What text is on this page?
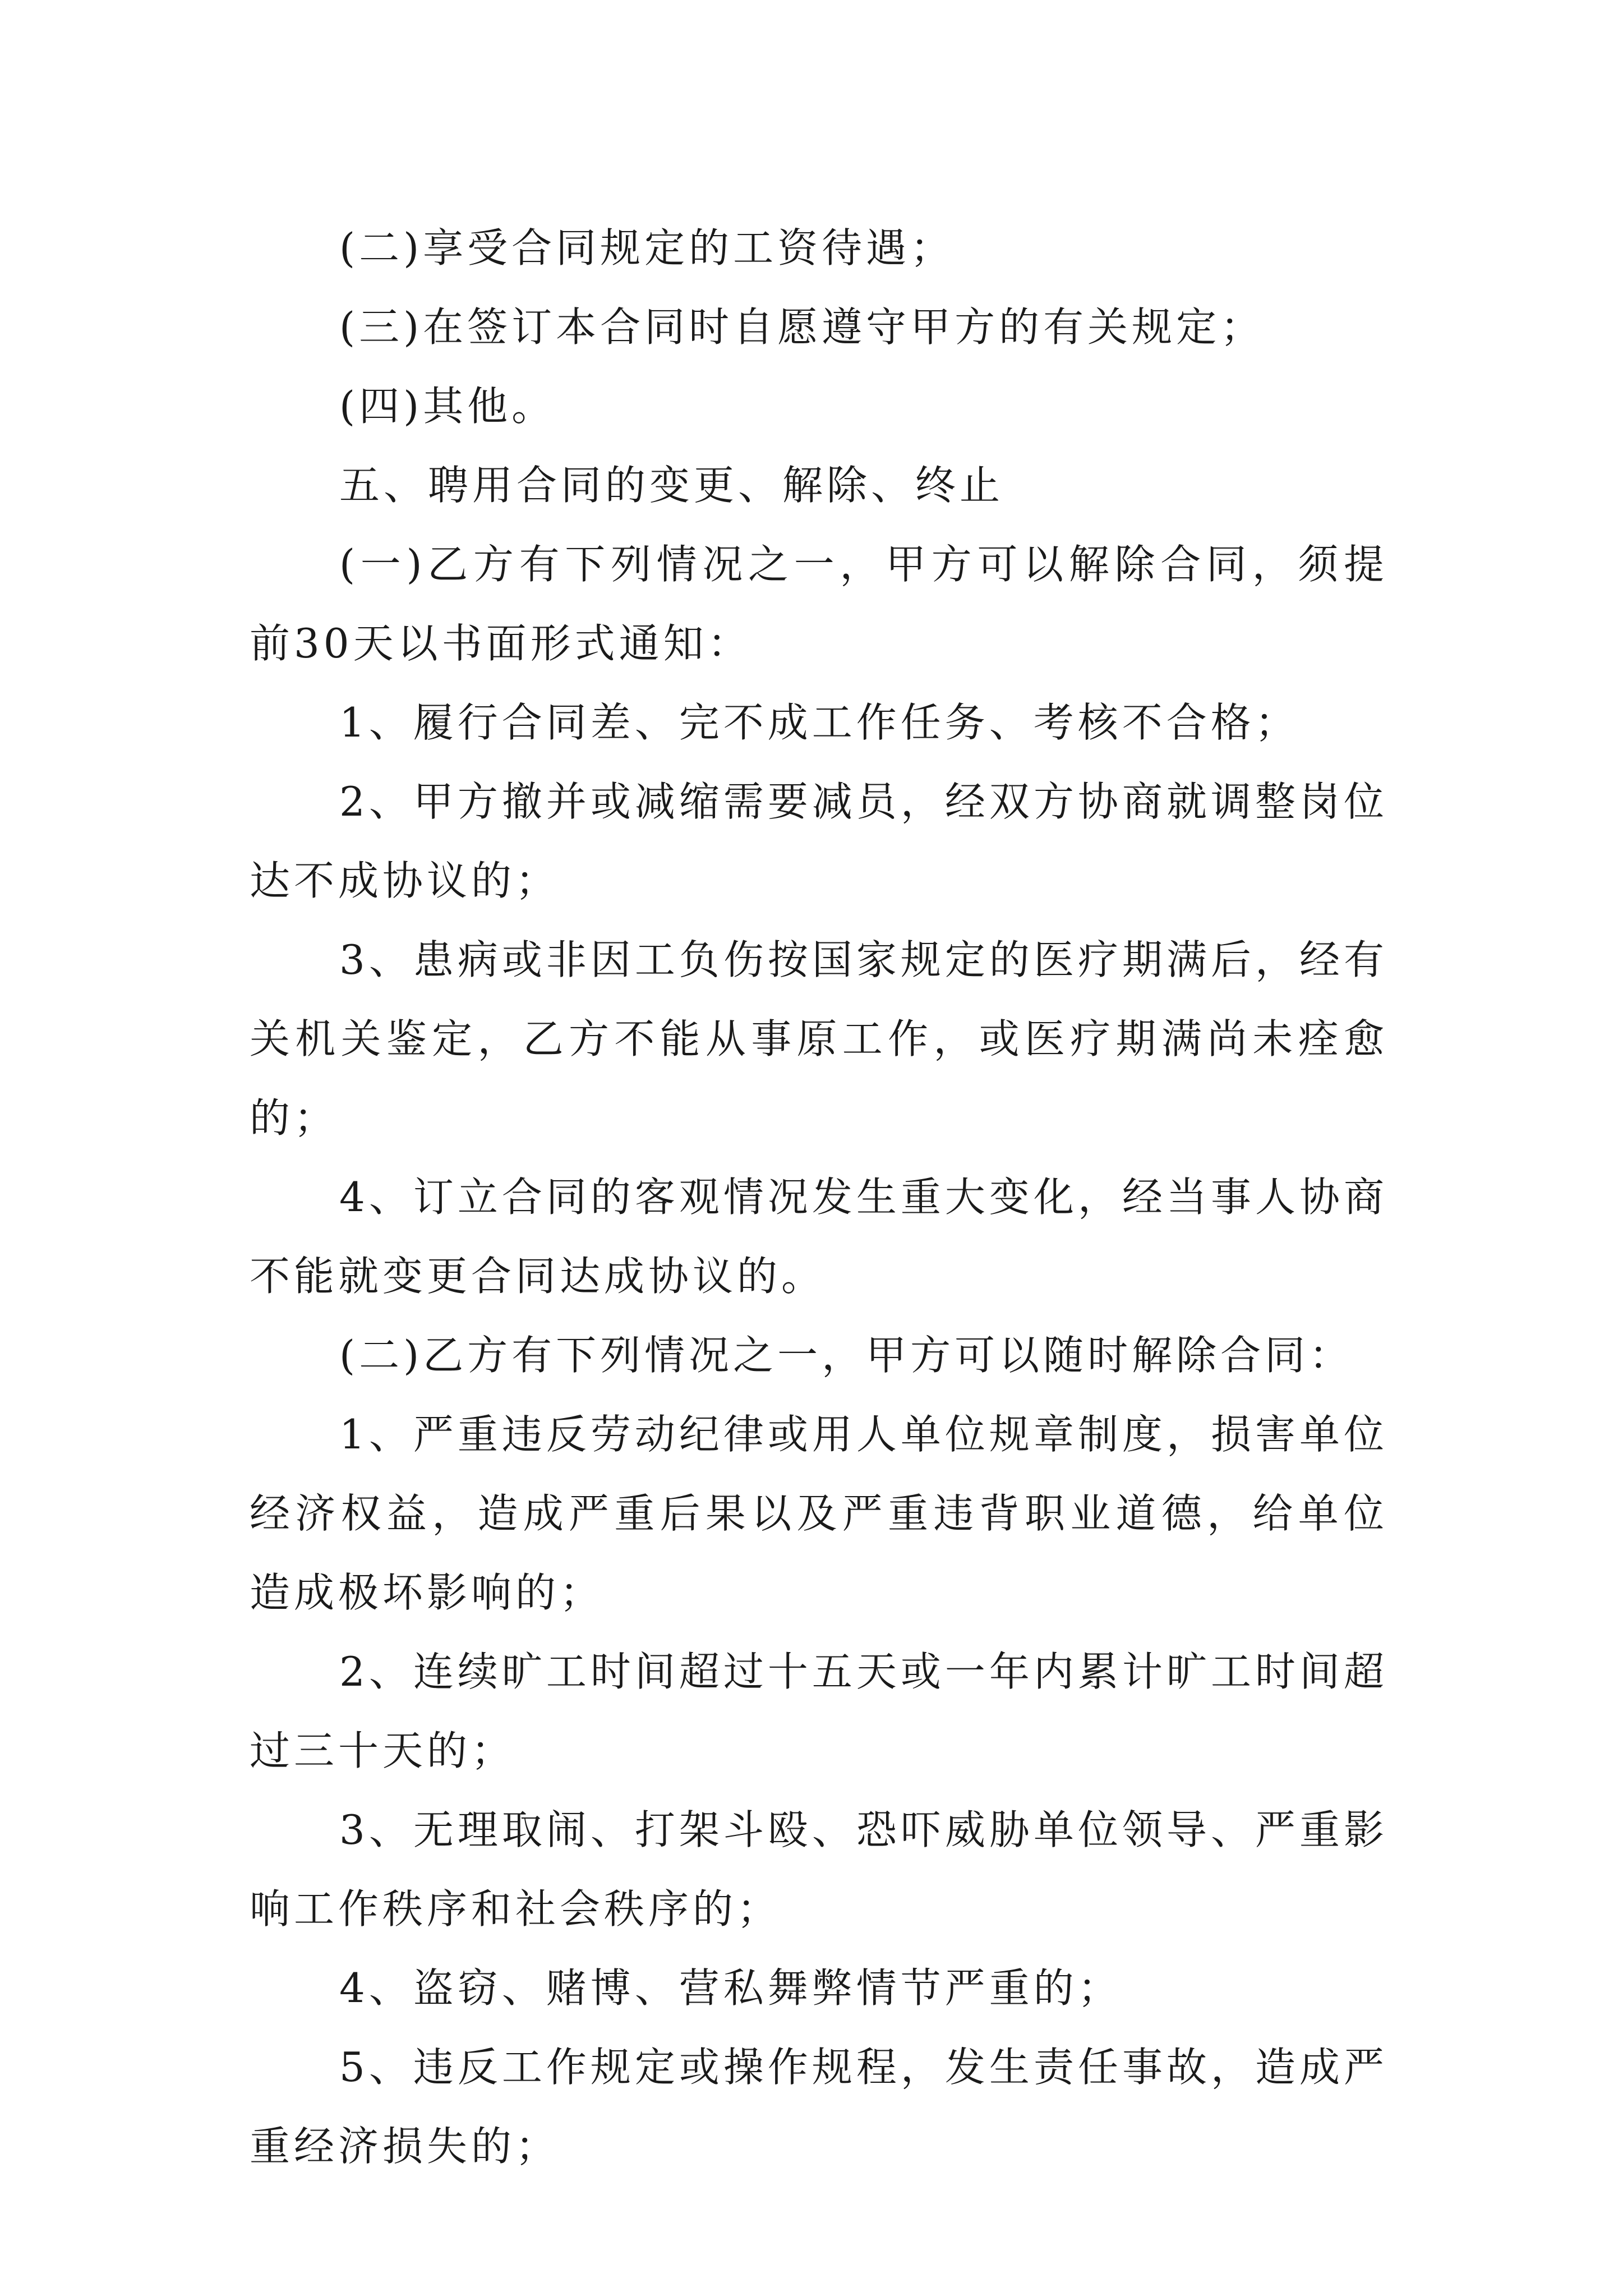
(二)享受合同规定的工资待遇；

(三)在签订本合同时自愿遵守甲方的有关规定；

(四)其他。

五、聘用合同的变更、解除、终止

(一)乙方有下列情况之一，甲方可以解除合同，须提前30天以书面形式通知：

1、履行合同差、完不成工作任务、考核不合格；

2、甲方撤并或减缩需要减员，经双方协商就调整岗位达不成协议的；

3、患病或非因工负伤按国家规定的医疗期满后，经有关机关鉴定，乙方不能从事原工作，或医疗期满尚未痊愈的；

4、订立合同的客观情况发生重大变化，经当事人协商不能就变更合同达成协议的。

(二)乙方有下列情况之一，甲方可以随时解除合同：

1、严重违反劳动纪律或用人单位规章制度，损害单位经济权益，造成严重后果以及严重违背职业道德，给单位造成极坏影响的；

2、连续旷工时间超过十五天或一年内累计旷工时间超过三十天的；

3、无理取闹、打架斗殴、恐吓威胁单位领导、严重影响工作秩序和社会秩序的；

4、盗窃、赌博、营私舞弊情节严重的；

5、违反工作规定或操作规程，发生责任事故，造成严重经济损失的；
